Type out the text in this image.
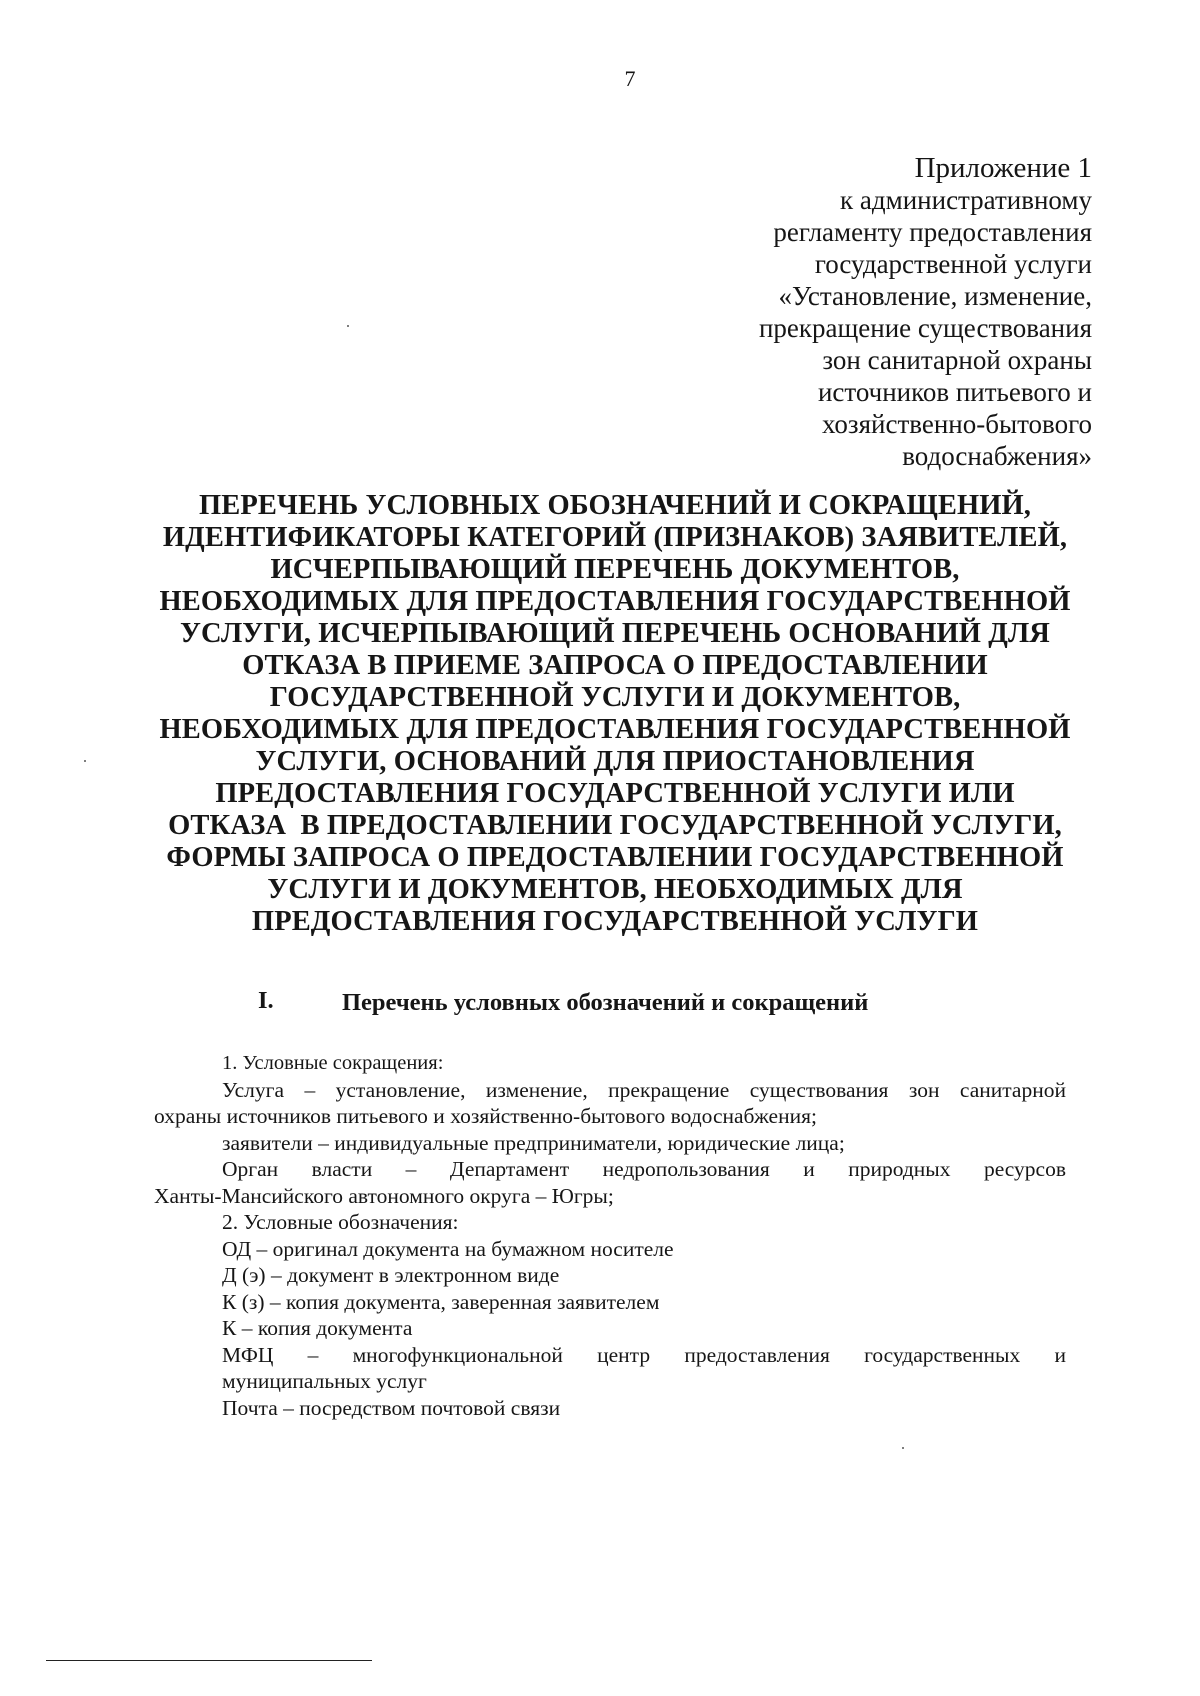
7
Приложение 1
к административному
регламенту предоставления
государственной услуги
«Установление, изменение,
прекращение существования
зон санитарной охраны
источников питьевого и
хозяйственно-бытового
водоснабжения»
ПЕРЕЧЕНЬ УСЛОВНЫХ ОБОЗНАЧЕНИЙ И СОКРАЩЕНИЙ,
ИДЕНТИФИКАТОРЫ КАТЕГОРИЙ (ПРИЗНАКОВ) ЗАЯВИТЕЛЕЙ,
ИСЧЕРПЫВАЮЩИЙ ПЕРЕЧЕНЬ ДОКУМЕНТОВ,
НЕОБХОДИМЫХ ДЛЯ ПРЕДОСТАВЛЕНИЯ ГОСУДАРСТВЕННОЙ
УСЛУГИ, ИСЧЕРПЫВАЮЩИЙ ПЕРЕЧЕНЬ ОСНОВАНИЙ ДЛЯ
ОТКАЗА В ПРИЕМЕ ЗАПРОСА О ПРЕДОСТАВЛЕНИИ
ГОСУДАРСТВЕННОЙ УСЛУГИ И ДОКУМЕНТОВ,
НЕОБХОДИМЫХ ДЛЯ ПРЕДОСТАВЛЕНИЯ ГОСУДАРСТВЕННОЙ
УСЛУГИ, ОСНОВАНИЙ ДЛЯ ПРИОСТАНОВЛЕНИЯ
ПРЕДОСТАВЛЕНИЯ ГОСУДАРСТВЕННОЙ УСЛУГИ ИЛИ
ОТКАЗА  В ПРЕДОСТАВЛЕНИИ ГОСУДАРСТВЕННОЙ УСЛУГИ,
ФОРМЫ ЗАПРОСА О ПРЕДОСТАВЛЕНИИ ГОСУДАРСТВЕННОЙ
УСЛУГИ И ДОКУМЕНТОВ, НЕОБХОДИМЫХ ДЛЯ
ПРЕДОСТАВЛЕНИЯ ГОСУДАРСТВЕННОЙ УСЛУГИ
I.	Перечень условных обозначений и сокращений

1. Условные сокращения:

Услуга – установление, изменение, прекращение существования зон санитарной

охраны источников питьевого и хозяйственно-бытового водоснабжения;

заявители – индивидуальные предприниматели, юридические лица;

Орган власти – Департамент недропользования и природных ресурсов

Ханты-Мансийского автономного округа – Югры;

2. Условные обозначения:

ОД – оригинал документа на бумажном носителе

Д (э) – документ в электронном виде

К (з) – копия документа, заверенная заявителем

К – копия документа

МФЦ – многофункциональной центр предоставления государственных и

муниципальных услуг

Почта – посредством почтовой связи
